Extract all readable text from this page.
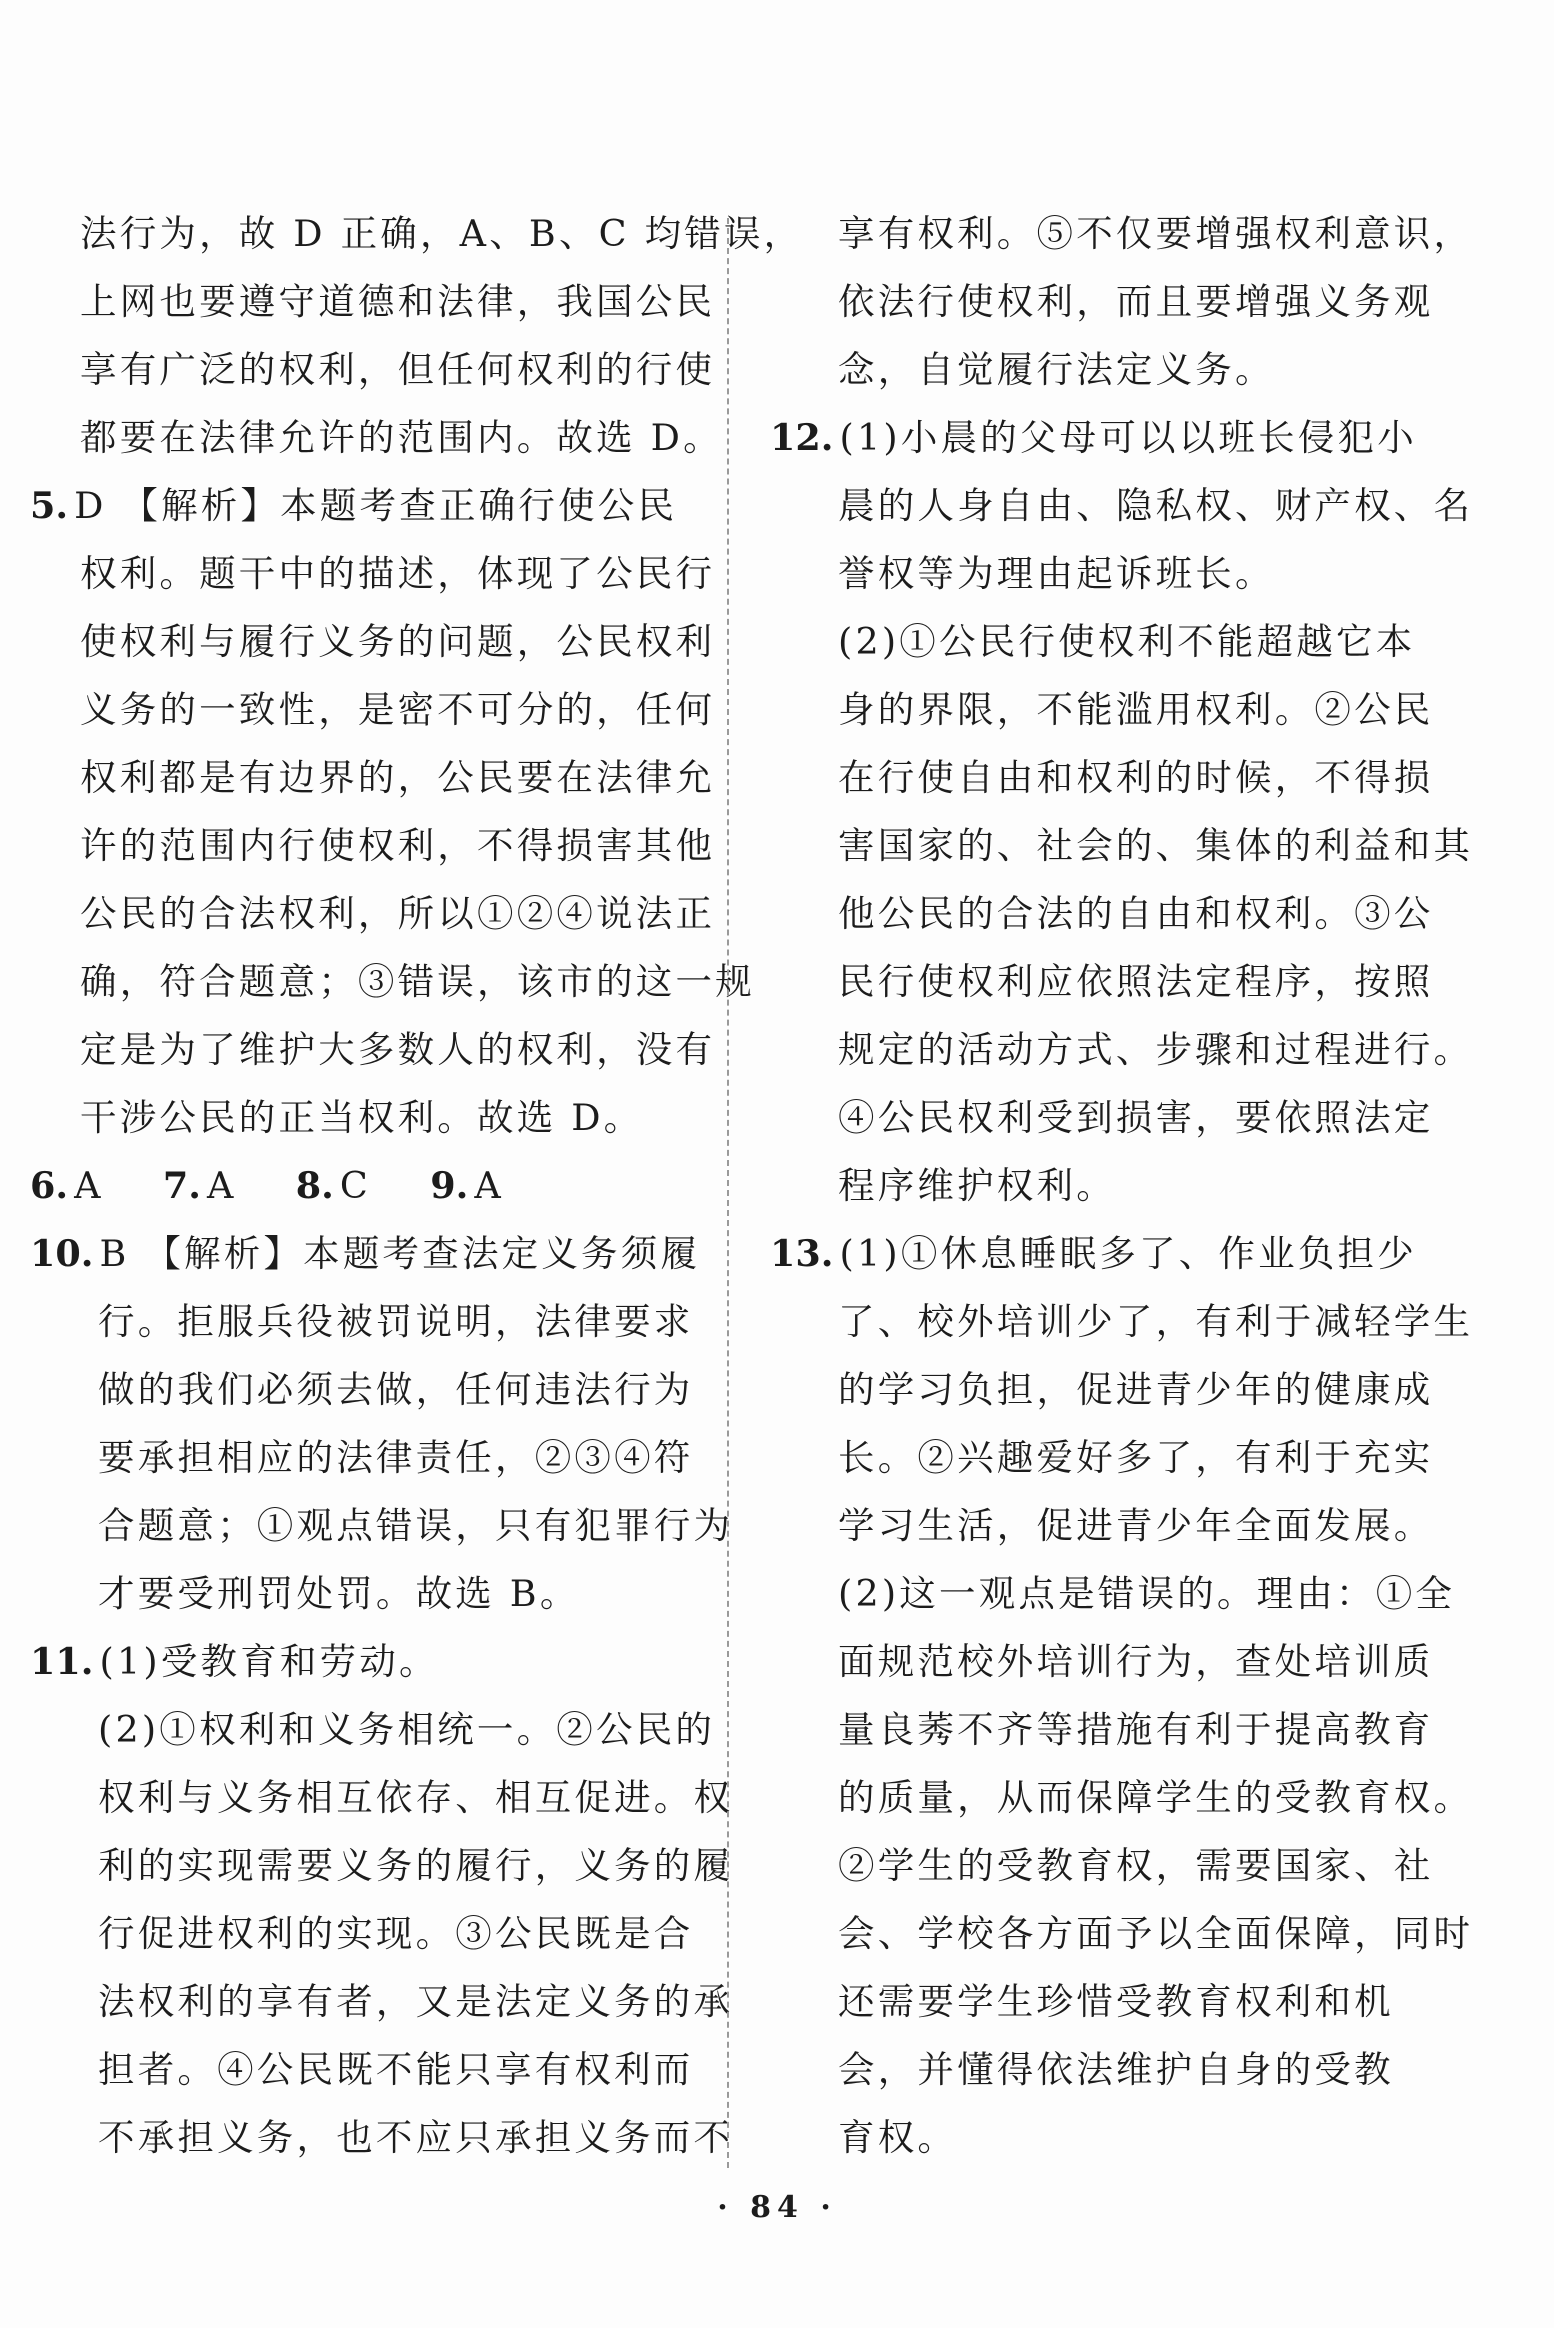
法行为，故 D 正确，A、B、C 均错误，
上网也要遵守道德和法律，我国公民
享有广泛的权利，但任何权利的行使
都要在法律允许的范围内。故选 D。
5. D 【解析】本题考查正确行使公民
权利。题干中的描述，体现了公民行
使权利与履行义务的问题，公民权利
义务的一致性，是密不可分的，任何
权利都是有边界的，公民要在法律允
许的范围内行使权利，不得损害其他
公民的合法权利，所以①②④说法正
确，符合题意；③错误，该市的这一规
定是为了维护大多数人的权利，没有
干涉公民的正当权利。故选 D。
6. A 7. A 8. C 9. A
10. B 【解析】本题考查法定义务须履
行。拒服兵役被罚说明，法律要求
做的我们必须去做，任何违法行为
要承担相应的法律责任，②③④符
合题意；①观点错误，只有犯罪行为
才要受刑罚处罚。故选 B。
11. (1)受教育和劳动。
(2)①权利和义务相统一。②公民的
权利与义务相互依存、相互促进。权
利的实现需要义务的履行，义务的履
行促进权利的实现。③公民既是合
法权利的享有者，又是法定义务的承
担者。④公民既不能只享有权利而
不承担义务，也不应只承担义务而不
享有权利。⑤不仅要增强权利意识，
依法行使权利，而且要增强义务观
念，自觉履行法定义务。
12. (1)小晨的父母可以以班长侵犯小
晨的人身自由、隐私权、财产权、名
誉权等为理由起诉班长。
(2)①公民行使权利不能超越它本
身的界限，不能滥用权利。②公民
在行使自由和权利的时候，不得损
害国家的、社会的、集体的利益和其
他公民的合法的自由和权利。③公
民行使权利应依照法定程序，按照
规定的活动方式、步骤和过程进行。
④公民权利受到损害，要依照法定
程序维护权利。
13. (1)①休息睡眠多了、作业负担少
了、校外培训少了，有利于减轻学生
的学习负担，促进青少年的健康成
长。②兴趣爱好多了，有利于充实
学习生活，促进青少年全面发展。
(2)这一观点是错误的。理由：①全
面规范校外培训行为，查处培训质
量良莠不齐等措施有利于提高教育
的质量，从而保障学生的受教育权。
②学生的受教育权，需要国家、社
会、学校各方面予以全面保障，同时
还需要学生珍惜受教育权利和机
会，并懂得依法维护自身的受教
育权。
· 84 ·
